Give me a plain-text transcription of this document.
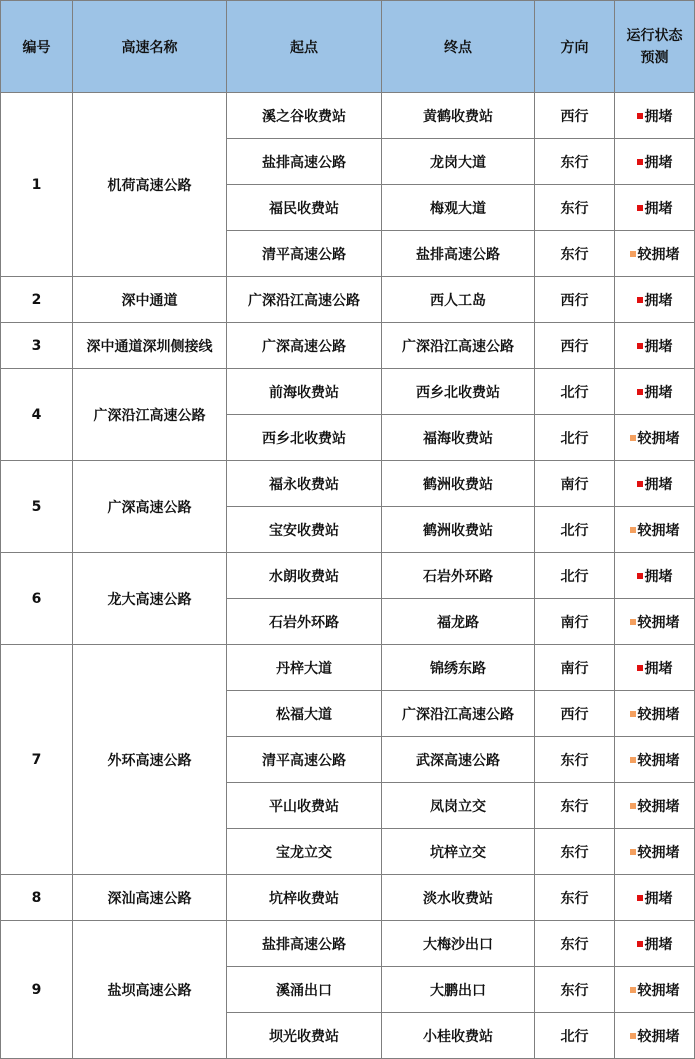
编号	高速名称	起点	终点	方向	运行状态预测
1	机荷高速公路	溪之谷收费站	黄鹤收费站	西行	拥堵

		盐排高速公路	龙岗大道	东行	拥堵

		福民收费站	梅观大道	东行	拥堵

		清平高速公路	盐排高速公路	东行	较拥堵

2	深中通道	广深沿江高速公路	西人工岛	西行	拥堵

3	深中通道深圳侧接线	广深高速公路	广深沿江高速公路	西行	拥堵

4	广深沿江高速公路	前海收费站	西乡北收费站	北行	拥堵

		西乡北收费站	福海收费站	北行	较拥堵

5	广深高速公路	福永收费站	鹤洲收费站	南行	拥堵

		宝安收费站	鹤洲收费站	北行	较拥堵

6	龙大高速公路	水朗收费站	石岩外环路	北行	拥堵

		石岩外环路	福龙路	南行	较拥堵

7	外环高速公路	丹梓大道	锦绣东路	南行	拥堵

		松福大道	广深沿江高速公路	西行	较拥堵

		清平高速公路	武深高速公路	东行	较拥堵

		平山收费站	凤岗立交	东行	较拥堵

		宝龙立交	坑梓立交	东行	较拥堵

8	深汕高速公路	坑梓收费站	淡水收费站	东行	拥堵

9	盐坝高速公路	盐排高速公路	大梅沙出口	东行	拥堵

		溪涌出口	大鹏出口	东行	较拥堵

		坝光收费站	小桂收费站	北行	较拥堵
